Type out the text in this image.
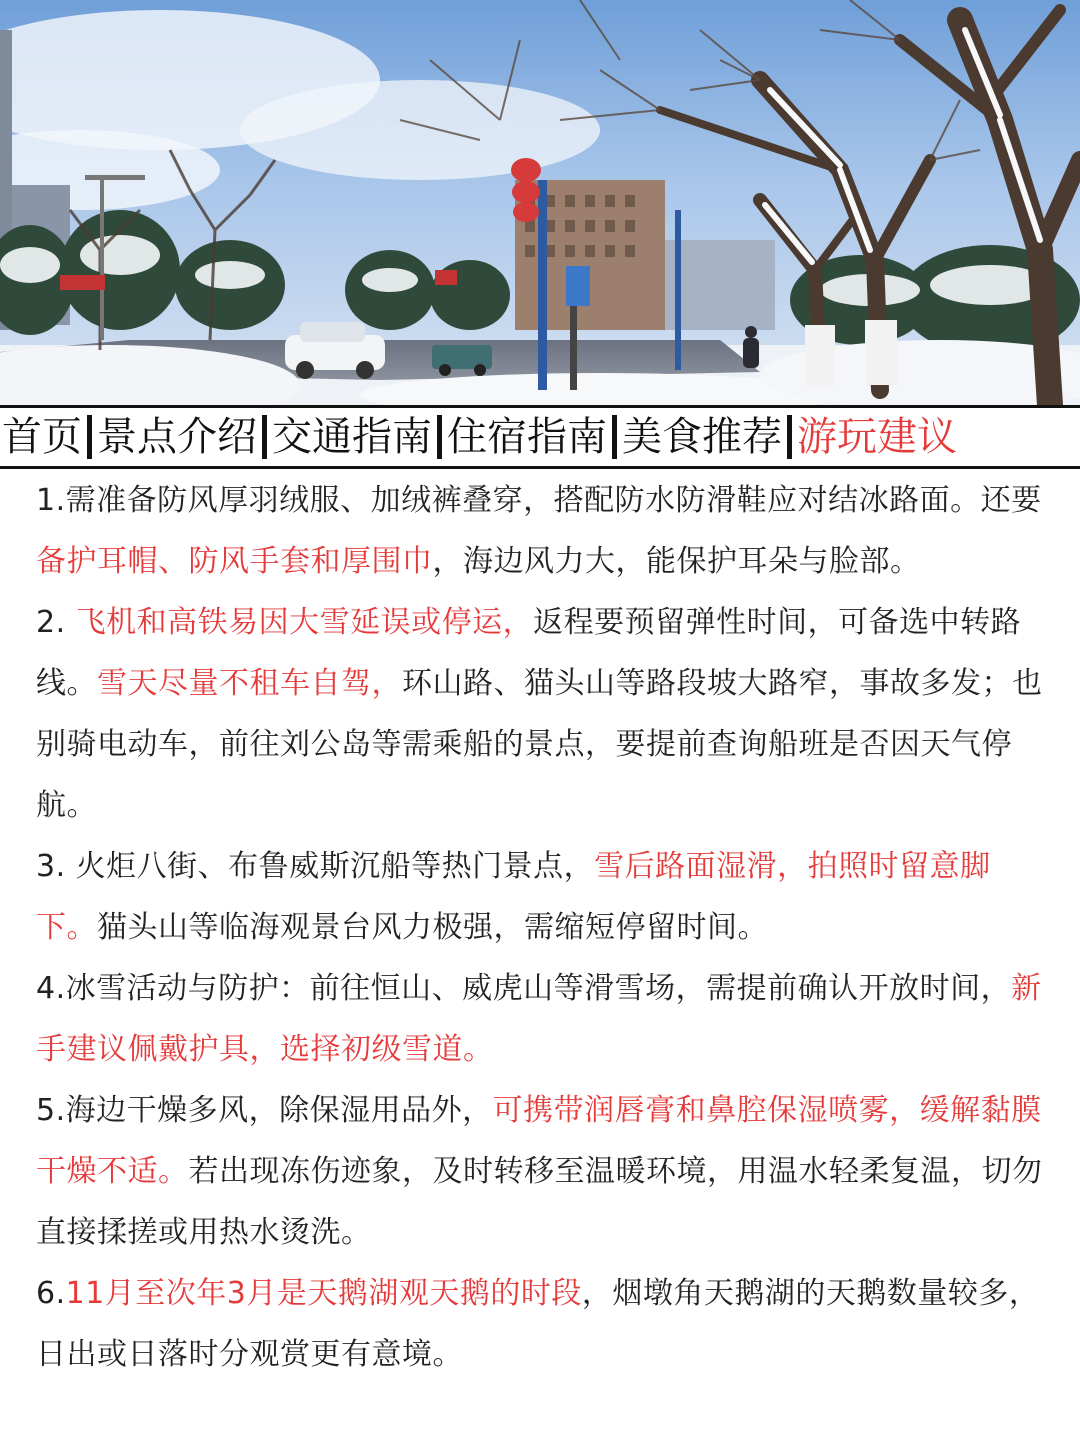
首页 景点介绍 交通指南 住宿指南 美食推荐 游玩建议

1.需准备防风厚羽绒服、加绒裤叠穿，搭配防水防滑鞋应对结冰路面。还要备护耳帽、防风手套和厚围巾，海边风力大，能保护耳朵与脸部。

2. 飞机和高铁易因大雪延误或停运，返程要预留弹性时间，可备选中转路线。雪天尽量不租车自驾，环山路、猫头山等路段坡大路窄，事故多发；也别骑电动车，前往刘公岛等需乘船的景点，要提前查询船班是否因天气停航。

3. 火炬八街、布鲁威斯沉船等热门景点，雪后路面湿滑，拍照时留意脚下。猫头山等临海观景台风力极强，需缩短停留时间。

4.冰雪活动与防护：前往恒山、威虎山等滑雪场，需提前确认开放时间，新手建议佩戴护具，选择初级雪道。

5.海边干燥多风，除保湿用品外，可携带润唇膏和鼻腔保湿喷雾，缓解黏膜干燥不适。若出现冻伤迹象，及时转移至温暖环境，用温水轻柔复温，切勿直接揉搓或用热水烫洗。

6.11月至次年3月是天鹅湖观天鹅的时段，烟墩角天鹅湖的天鹅数量较多，日出或日落时分观赏更有意境。
